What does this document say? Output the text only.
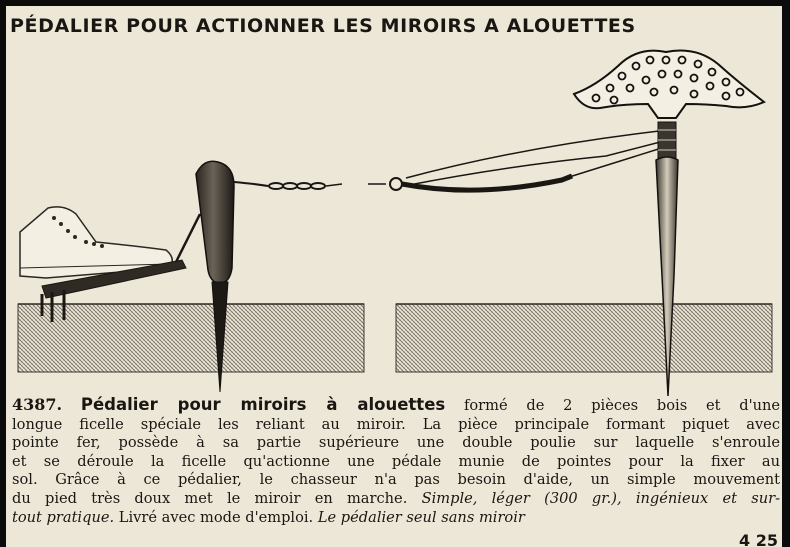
PÉDALIER POUR ACTIONNER LES MIROIRS A ALOUETTES
4387. Pédalier pour miroirs à alouettes formé de 2 pièces bois et d'une
longue ficelle spéciale les reliant au miroir. La pièce principale formant piquet avec
pointe fer, possède à sa partie supérieure une double poulie sur laquelle s'enroule
et se déroule la ficelle qu'actionne une pédale munie de pointes pour la fixer au
sol. Grâce à ce pédalier, le chasseur n'a pas besoin d'aide, un simple mouvement
du pied très doux met le miroir en marche. Simple, léger (300 gr.), ingénieux et sur-
tout pratique. Livré avec mode d'emploi. Le pédalier seul sans miroir
4 25
